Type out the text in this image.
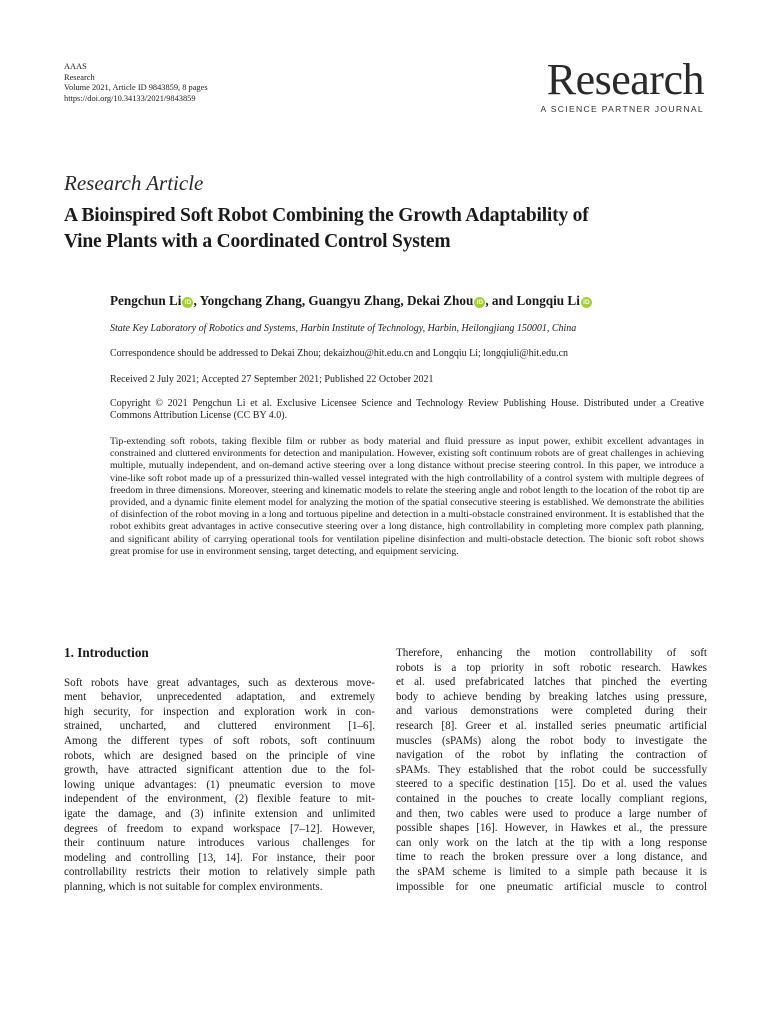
AAAS
Research
Volume 2021, Article ID 9843859, 8 pages
https://doi.org/10.34133/2021/9843859	Research
A SCIENCE PARTNER JOURNAL
Research Article
A Bioinspired Soft Robot Combining the Growth Adaptability of
Vine Plants with a Coordinated Control System
Pengchun Li iD , Yongchang Zhang, Guangyu Zhang, Dekai Zhou iD , and Longqiu Li iD
State Key Laboratory of Robotics and Systems, Harbin Institute of Technology, Harbin, Heilongjiang 150001, China
Correspondence should be addressed to Dekai Zhou; dekaizhou@hit.edu.cn and Longqiu Li; longqiuli@hit.edu.cn
Received 2 July 2021; Accepted 27 September 2021; Published 22 October 2021
Copyright © 2021 Pengchun Li et al. Exclusive Licensee Science and Technology Review Publishing House. Distributed under a Creative Commons Attribution License (CC BY 4.0).
Tip-extending soft robots, taking flexible film or rubber as body material and fluid pressure as input power, exhibit excellent advantages in constrained and cluttered environments for detection and manipulation. However, existing soft continuum robots are of great challenges in achieving multiple, mutually independent, and on-demand active steering over a long distance without precise steering control. In this paper, we introduce a vine-like soft robot made up of a pressurized thin-walled vessel integrated with the high controllability of a control system with multiple degrees of freedom in three dimensions. Moreover, steering and kinematic models to relate the steering angle and robot length to the location of the robot tip are provided, and a dynamic finite element model for analyzing the motion of the spatial consecutive steering is established. We demonstrate the abilities of disinfection of the robot moving in a long and tortuous pipeline and detection in a multi-obstacle constrained environment. It is established that the robot exhibits great advantages in active consecutive steering over a long distance, high controllability in completing more complex path planning, and significant ability of carrying operational tools for ventilation pipeline disinfection and multi-obstacle detection. The bionic soft robot shows great promise for use in environment sensing, target detecting, and equipment servicing.
1. Introduction
Soft robots have great advantages, such as dexterous move-
ment behavior, unprecedented adaptation, and extremely
high security, for inspection and exploration work in con-
strained, uncharted, and cluttered environment [1–6].
Among the different types of soft robots, soft continuum
robots, which are designed based on the principle of vine
growth, have attracted significant attention due to the fol-
lowing unique advantages: (1) pneumatic eversion to move
independent of the environment, (2) flexible feature to mit-
igate the damage, and (3) infinite extension and unlimited
degrees of freedom to expand workspace [7–12]. However,
their continuum nature introduces various challenges for
modeling and controlling [13, 14]. For instance, their poor
controllability restricts their motion to relatively simple path
planning, which is not suitable for complex environments.
Therefore, enhancing the motion controllability of soft
robots is a top priority in soft robotic research. Hawkes
et al. used prefabricated latches that pinched the everting
body to achieve bending by breaking latches using pressure,
and various demonstrations were completed during their
research [8]. Greer et al. installed series pneumatic artificial
muscles (sPAMs) along the robot body to investigate the
navigation of the robot by inflating the contraction of
sPAMs. They established that the robot could be successfully
steered to a specific destination [15]. Do et al. used the values
contained in the pouches to create locally compliant regions,
and then, two cables were used to produce a large number of
possible shapes [16]. However, in Hawkes et al., the pressure
can only work on the latch at the tip with a long response
time to reach the broken pressure over a long distance, and
the sPAM scheme is limited to a simple path because it is
impossible for one pneumatic artificial muscle to control
